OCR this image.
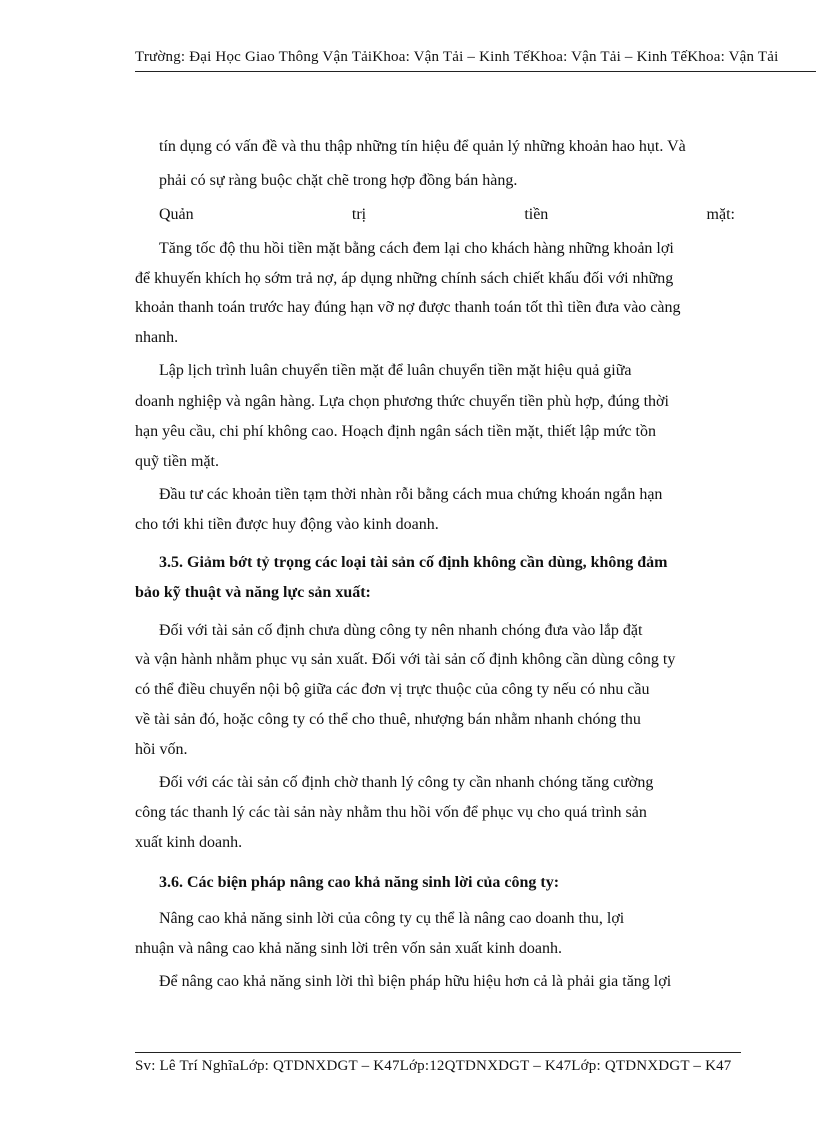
Trường: Đại Học Giao Thông Vận TảiKhoa: Vận Tải – Kinh TếKhoa: Vận Tải – Kinh TếKhoa: Vận Tải
tín dụng có vấn đề và thu thập những tín hiệu để quản lý những khoản hao hụt. Và
phải có sự ràng buộc chặt chẽ trong hợp đồng bán hàng.
Quản	trị	tiền	mặt:
Tăng tốc độ thu hồi tiền mặt bằng cách đem lại cho khách hàng những khoản lợi
để khuyến khích họ sớm trả nợ, áp dụng những chính sách chiết khấu đối với những
khoản thanh toán trước hay đúng hạn vỡ nợ được thanh toán tốt thì tiền đưa vào càng
nhanh.
Lập lịch trình luân chuyển tiền mặt để luân chuyển tiền mặt hiệu quả giữa
doanh nghiệp và ngân hàng. Lựa chọn phương thức chuyển tiền phù hợp, đúng thời
hạn yêu cầu, chi phí không cao. Hoạch định ngân sách tiền mặt, thiết lập mức tồn
quỹ tiền mặt.
Đầu tư các khoản tiền tạm thời nhàn rỗi bằng cách mua chứng khoán ngắn hạn
cho tới khi tiền được huy động vào kinh doanh.
3.5. Giảm bớt tỷ trọng các loại tài sản cố định không cần dùng, không đảm
bảo kỹ thuật và năng lực sản xuất:
Đối với tài sản cố định chưa dùng công ty nên nhanh chóng đưa vào lắp đặt
và vận hành nhằm phục vụ sản xuất. Đối với tài sản cố định không cần dùng công ty
có thể điều chuyển nội bộ giữa các đơn vị trực thuộc của công ty nếu có nhu cầu
về tài sản đó, hoặc công ty có thể cho thuê, nhượng bán nhằm nhanh chóng thu
hồi vốn.
Đối với các tài sản cố định chờ thanh lý công ty cần nhanh chóng tăng cường
công tác thanh lý các tài sản này nhằm thu hồi vốn để phục vụ cho quá trình sản
xuất kinh doanh.
3.6. Các biện pháp nâng cao khả năng sinh lời của công ty:
Nâng cao khả năng sinh lời của công ty cụ thể là nâng cao doanh thu, lợi
nhuận và nâng cao khả năng sinh lời trên vốn sản xuất kinh doanh.
Để nâng cao khả năng sinh lời thì biện pháp hữu hiệu hơn cả là phải gia tăng lợi
Sv: Lê Trí NghĩaLớp: QTDNXDGT – K47Lớp:12QTDNXDGT – K47Lớp: QTDNXDGT – K47
